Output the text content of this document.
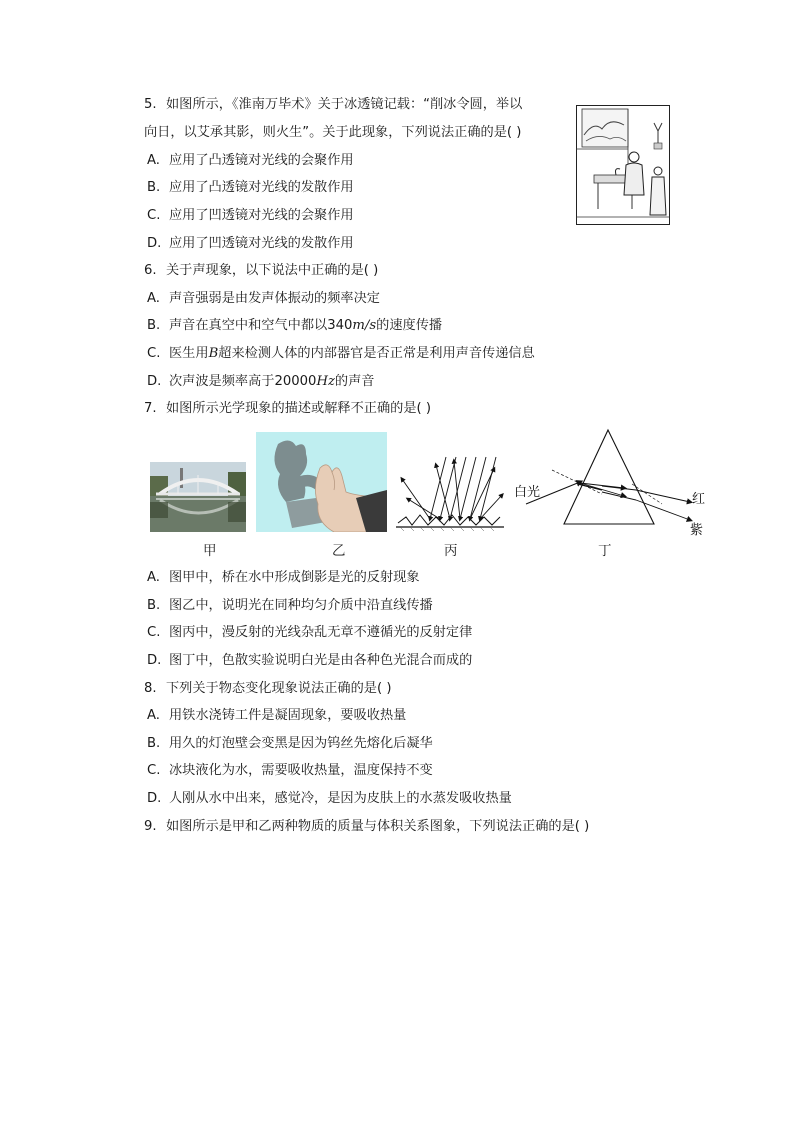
5. 如图所示，《淮南万毕术》关于冰透镜记载：“削冰令圆，举以
向日，以艾承其影，则火生”。关于此现象，下列说法正确的是( )
A. 应用了凸透镜对光线的会聚作用
B. 应用了凸透镜对光线的发散作用
C. 应用了凹透镜对光线的会聚作用
D. 应用了凹透镜对光线的发散作用
6. 关于声现象，以下说法中正确的是( )
A. 声音强弱是由发声体振动的频率决定
B. 声音在真空中和空气中都以340m/s的速度传播
C. 医生用B超来检测人体的内部器官是否正常是利用声音传递信息
D. 次声波是频率高于20000Hz的声音
7. 如图所示光学现象的描述或解释不正确的是( )
甲	乙	丙
白光	红
紫
丁
A. 图甲中，桥在水中形成倒影是光的反射现象
B. 图乙中，说明光在同种均匀介质中沿直线传播
C. 图丙中，漫反射的光线杂乱无章不遵循光的反射定律
D. 图丁中，色散实验说明白光是由各种色光混合而成的
8. 下列关于物态变化现象说法正确的是( )
A. 用铁水浇铸工件是凝固现象，要吸收热量
B. 用久的灯泡壁会变黑是因为钨丝先熔化后凝华
C. 冰块液化为水，需要吸收热量，温度保持不变
D. 人刚从水中出来，感觉冷，是因为皮肤上的水蒸发吸收热量
9. 如图所示是甲和乙两种物质的质量与体积关系图象，下列说法正确的是( )
